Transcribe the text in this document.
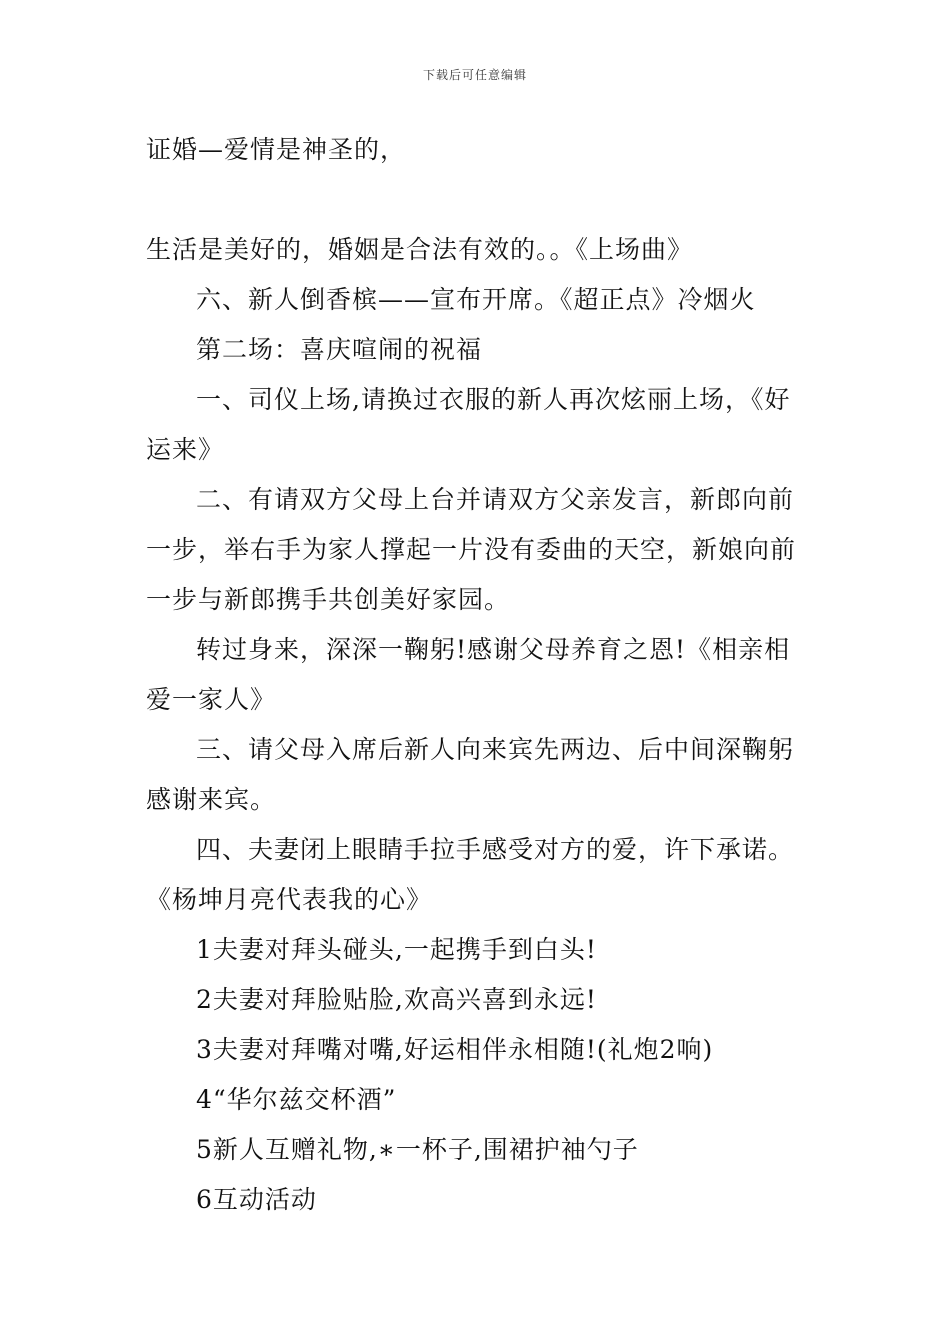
下载后可任意编辑

证婚—爱情是神圣的，

生活是美好的，婚姻是合法有效的。。《上场曲》

六、新人倒香槟——宣布开席。《超正点》冷烟火

第二场：喜庆喧闹的祝福

一、司仪上场,请换过衣服的新人再次炫丽上场，《好运来》

二、有请双方父母上台并请双方父亲发言，新郎向前一步，举右手为家人撑起一片没有委曲的天空，新娘向前一步与新郎携手共创美好家园。

转过身来，深深一鞠躬!感谢父母养育之恩!《相亲相爱一家人》

三、请父母入席后新人向来宾先两边、后中间深鞠躬感谢来宾。

四、夫妻闭上眼睛手拉手感受对方的爱，许下承诺。《杨坤月亮代表我的心》

1夫妻对拜头碰头,一起携手到白头!

2夫妻对拜脸贴脸,欢高兴喜到永远!

3夫妻对拜嘴对嘴,好运相伴永相随!(礼炮2响)

4“华尔兹交杯酒”

5新人互赠礼物,∗一杯子,围裙护袖勺子

6互动活动
